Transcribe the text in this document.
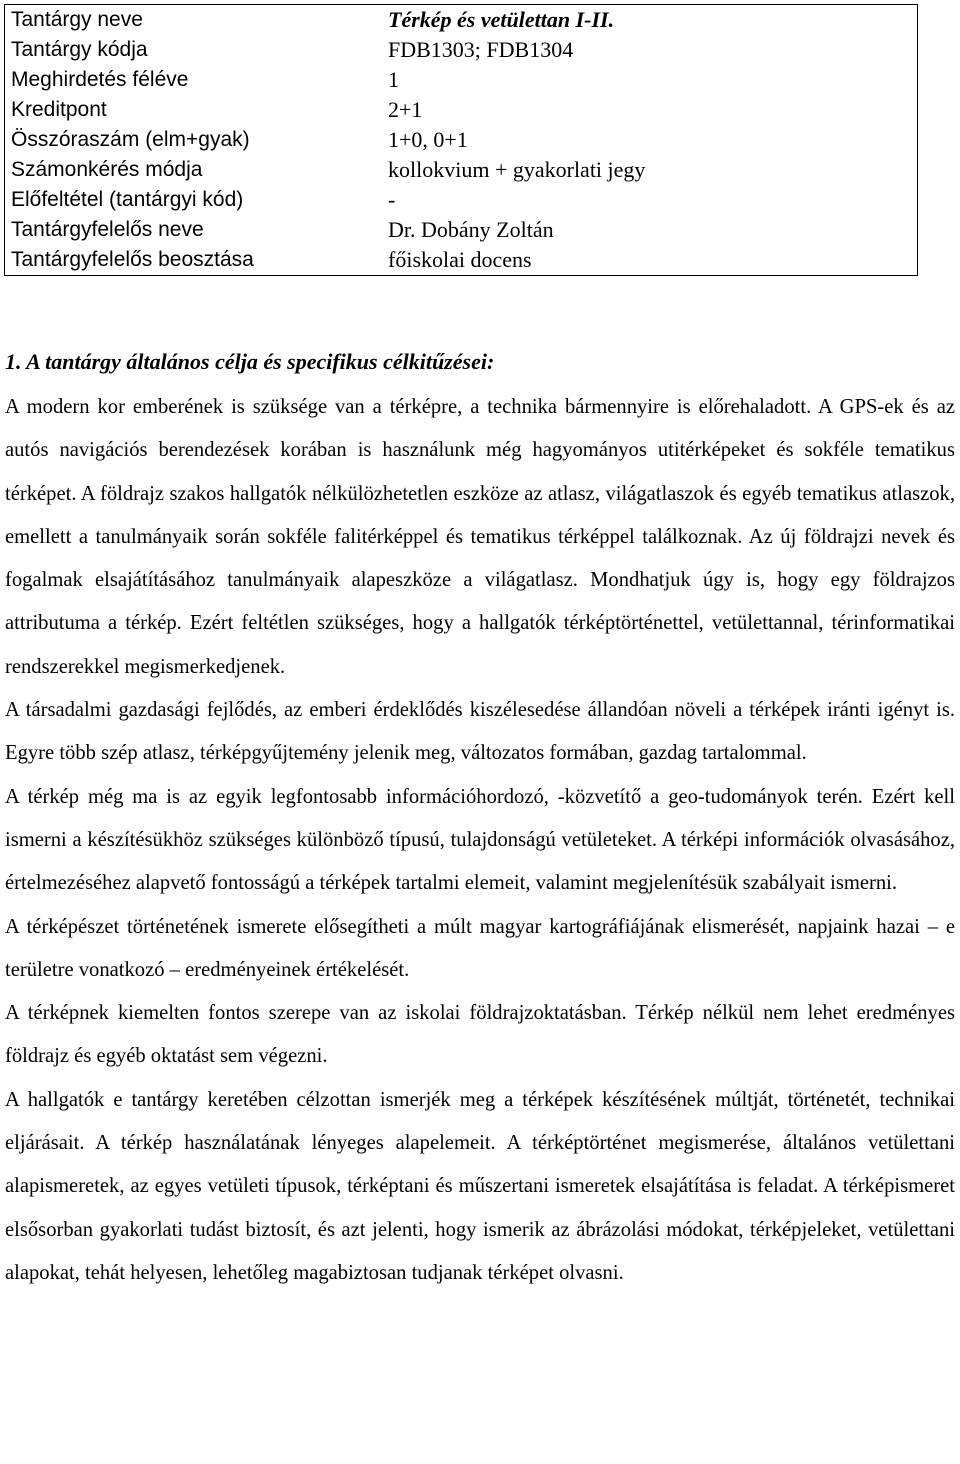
Tantárgy neve	Térkép és vetülettan I-II.
Tantárgy kódja	FDB1303; FDB1304
Meghirdetés féléve	1
Kreditpont	2+1
Összóraszám (elm+gyak)	1+0, 0+1
Számonkérés módja	kollokvium + gyakorlati jegy
Előfeltétel (tantárgyi kód)	-
Tantárgyfelelős neve	Dr. Dobány Zoltán
Tantárgyfelelős beosztása	főiskolai docens
1. A tantárgy általános célja és specifikus célkitűzései:

A modern kor emberének is szüksége van a térképre, a technika bármennyire is előrehaladott. A GPS-ek és az autós navigációs berendezések korában is használunk még hagyományos utitérképeket és sokféle tematikus térképet. A földrajz szakos hallgatók nélkülözhetetlen eszköze az atlasz, világatlaszok és egyéb tematikus atlaszok, emellett a tanulmányaik során sokféle falitérképpel és tematikus térképpel találkoznak. Az új földrajzi nevek és fogalmak elsajátításához tanulmányaik alapeszköze a világatlasz. Mondhatjuk úgy is, hogy egy földrajzos attributuma a térkép. Ezért feltétlen szükséges, hogy a hallgatók térképtörténettel, vetülettannal, térinformatikai rendszerekkel megismerkedjenek.

A társadalmi gazdasági fejlődés, az emberi érdeklődés kiszélesedése állandóan növeli a térképek iránti igényt is. Egyre több szép atlasz, térképgyűjtemény jelenik meg, változatos formában, gazdag tartalommal.

A térkép még ma is az egyik legfontosabb információhordozó, -közvetítő a geo-tudományok terén. Ezért kell ismerni a készítésükhöz szükséges különböző típusú, tulajdonságú vetületeket. A térképi információk olvasásához, értelmezéséhez alapvető fontosságú a térképek tartalmi elemeit, valamint megjelenítésük szabályait ismerni.

A térképészet történetének ismerete elősegítheti a múlt magyar kartográfiájának elismerését, napjaink hazai – e területre vonatkozó – eredményeinek értékelését.

A térképnek kiemelten fontos szerepe van az iskolai földrajzoktatásban. Térkép nélkül nem lehet eredményes földrajz és egyéb oktatást sem végezni.

A hallgatók e tantárgy keretében célzottan ismerjék meg a térképek készítésének múltját, történetét, technikai eljárásait. A térkép használatának lényeges alapelemeit. A térképtörténet megismerése, általános vetülettani alapismeretek, az egyes vetületi típusok, térképtani és műszertani ismeretek elsajátítása is feladat. A térképismeret elsősorban gyakorlati tudást biztosít, és azt jelenti, hogy ismerik az ábrázolási módokat, térképjeleket, vetülettani alapokat, tehát helyesen, lehetőleg magabiztosan tudjanak térképet olvasni.
